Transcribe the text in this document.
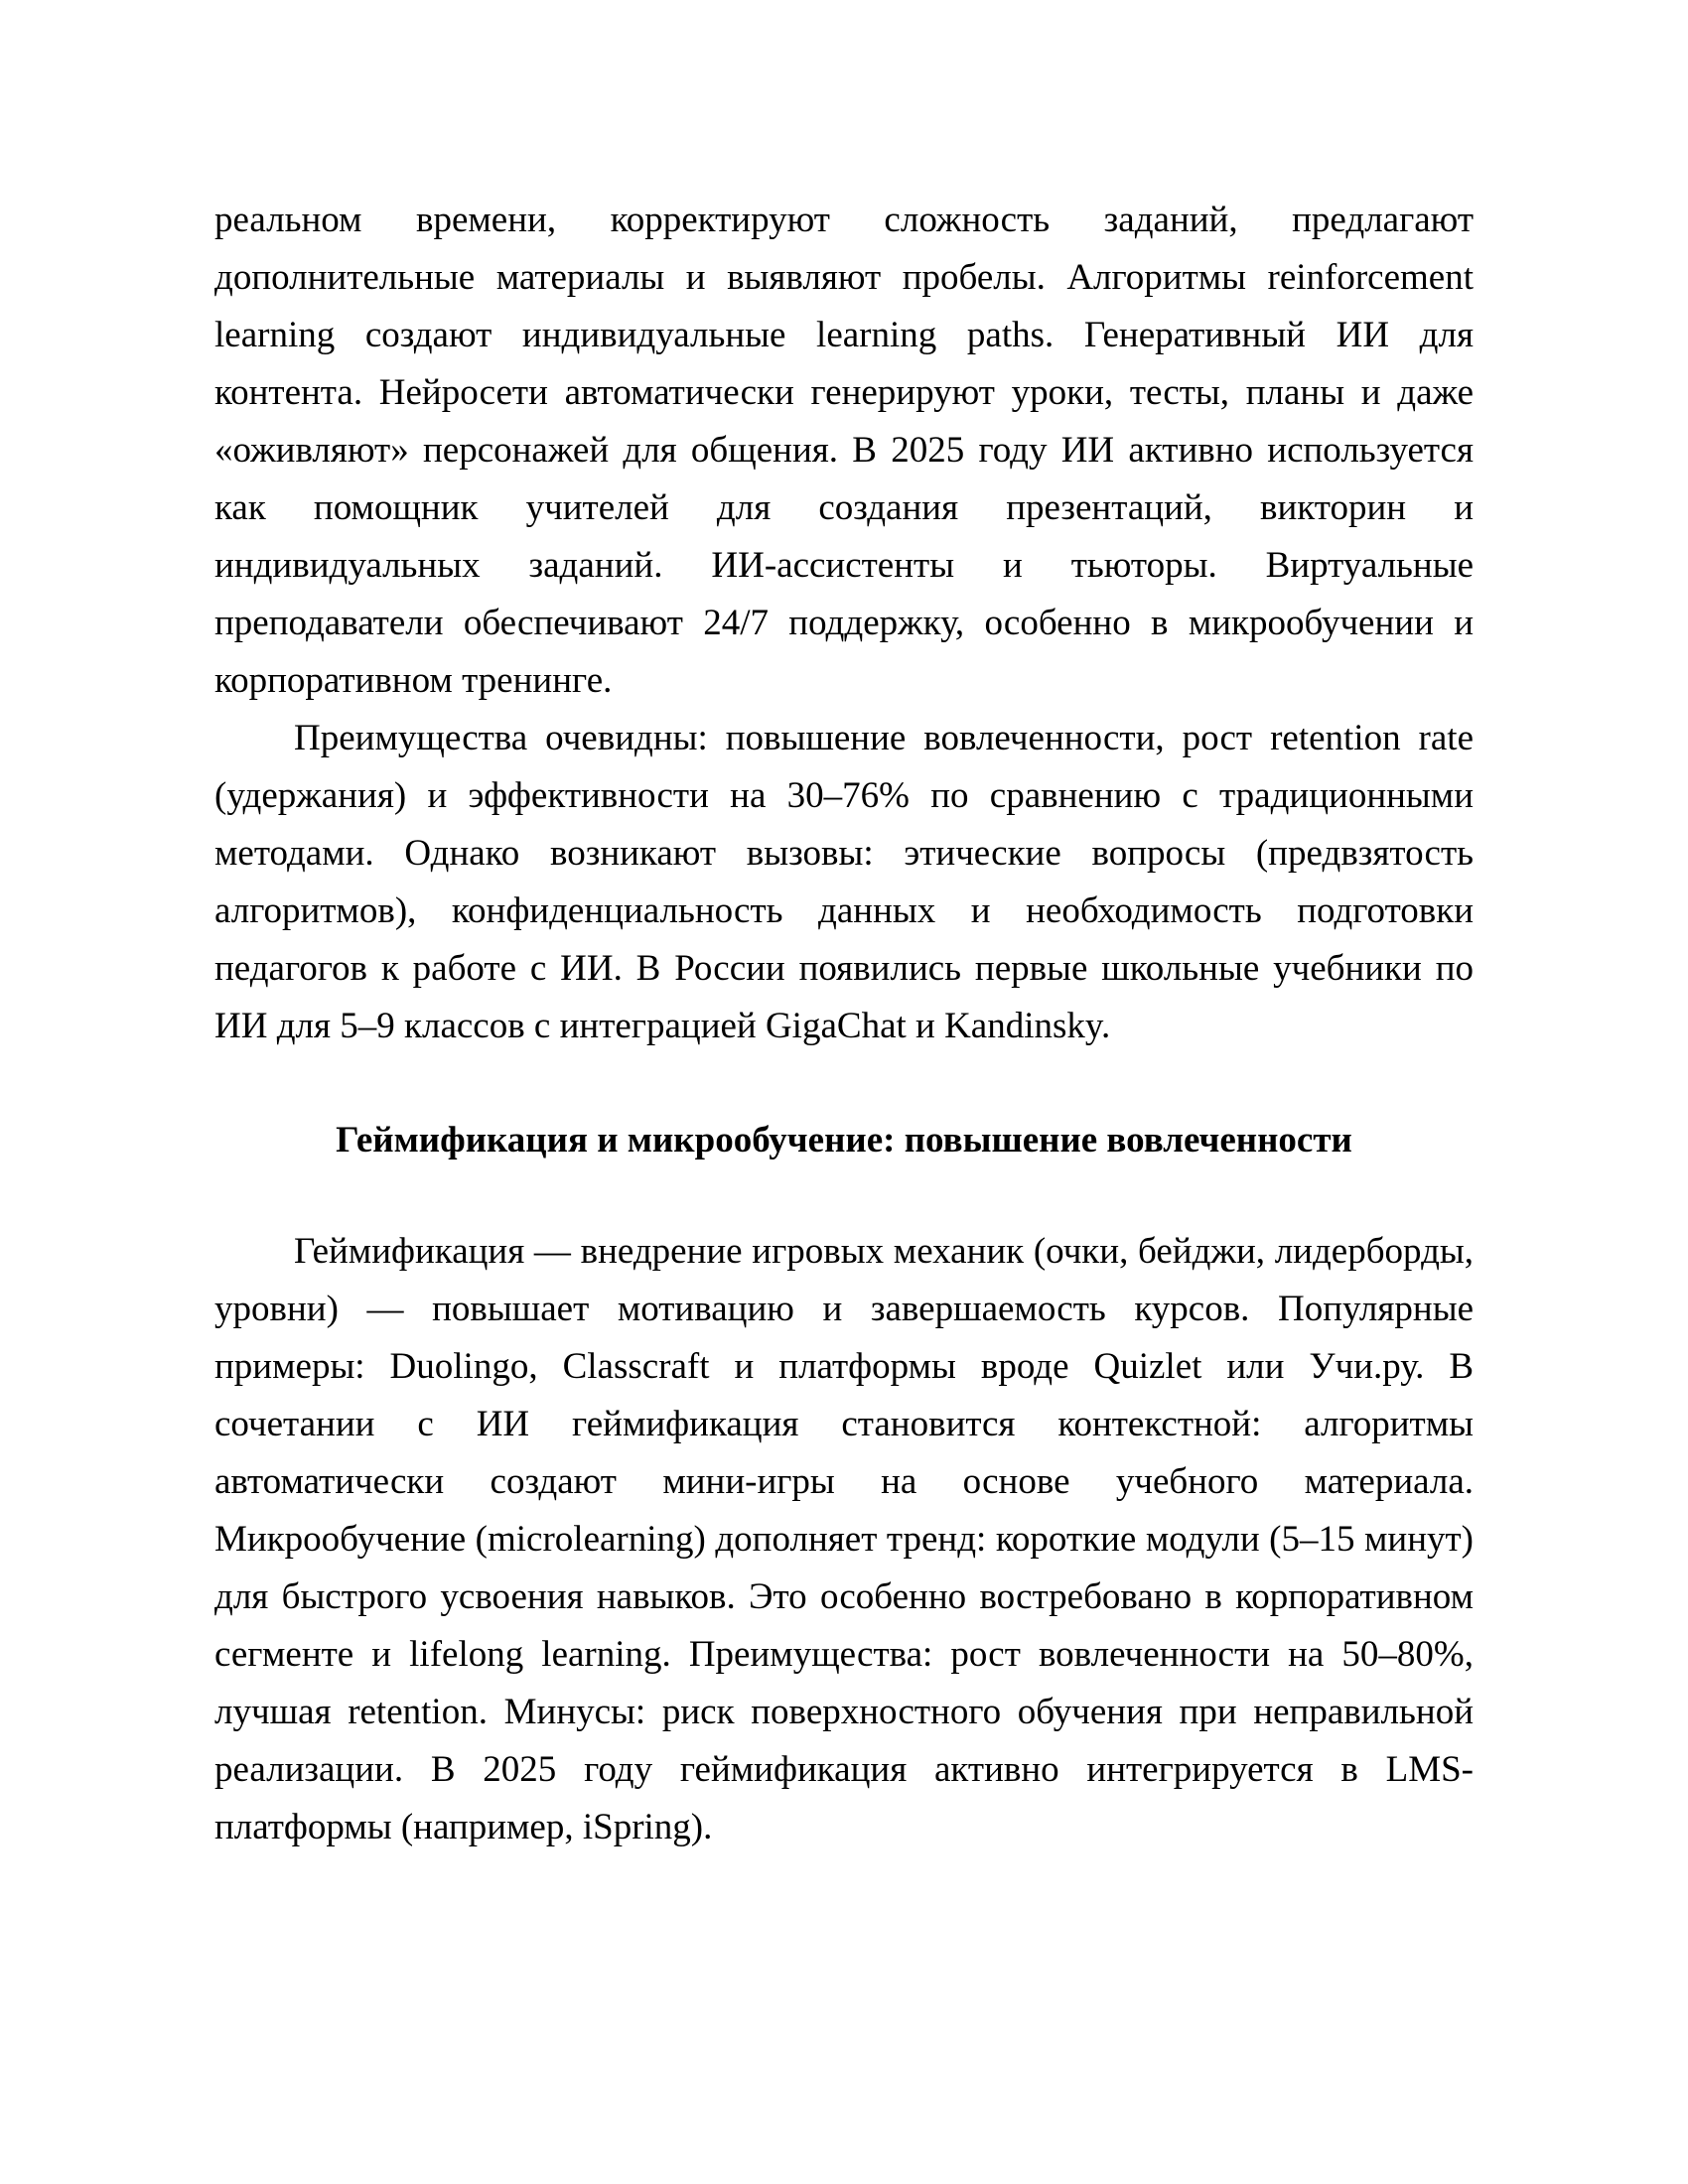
реальном времени, корректируют сложность заданий, предлагают дополнительные материалы и выявляют пробелы. Алгоритмы reinforcement learning создают индивидуальные learning paths. Генеративный ИИ для контента. Нейросети автоматически генерируют уроки, тесты, планы и даже «оживляют» персонажей для общения. В 2025 году ИИ активно используется как помощник учителей для создания презентаций, викторин и индивидуальных заданий. ИИ-ассистенты и тьюторы. Виртуальные преподаватели обеспечивают 24/7 поддержку, особенно в микрообучении и корпоративном тренинге.

Преимущества очевидны: повышение вовлеченности, рост retention rate (удержания) и эффективности на 30–76% по сравнению с традиционными методами. Однако возникают вызовы: этические вопросы (предвзятость алгоритмов), конфиденциальность данных и необходимость подготовки педагогов к работе с ИИ. В России появились первые школьные учебники по ИИ для 5–9 классов с интеграцией GigaChat и Kandinsky.

Геймификация и микрообучение: повышение вовлеченности

Геймификация — внедрение игровых механик (очки, бейджи, лидерборды, уровни) — повышает мотивацию и завершаемость курсов. Популярные примеры: Duolingo, Classcraft и платформы вроде Quizlet или Учи.ру. В сочетании с ИИ геймификация становится контекстной: алгоритмы автоматически создают мини-игры на основе учебного материала. Микрообучение (microlearning) дополняет тренд: короткие модули (5–15 минут) для быстрого усвоения навыков. Это особенно востребовано в корпоративном сегменте и lifelong learning. Преимущества: рост вовлеченности на 50–80%, лучшая retention. Минусы: риск поверхностного обучения при неправильной реализации. В 2025 году геймификация активно интегрируется в LMS-платформы (например, iSpring).
